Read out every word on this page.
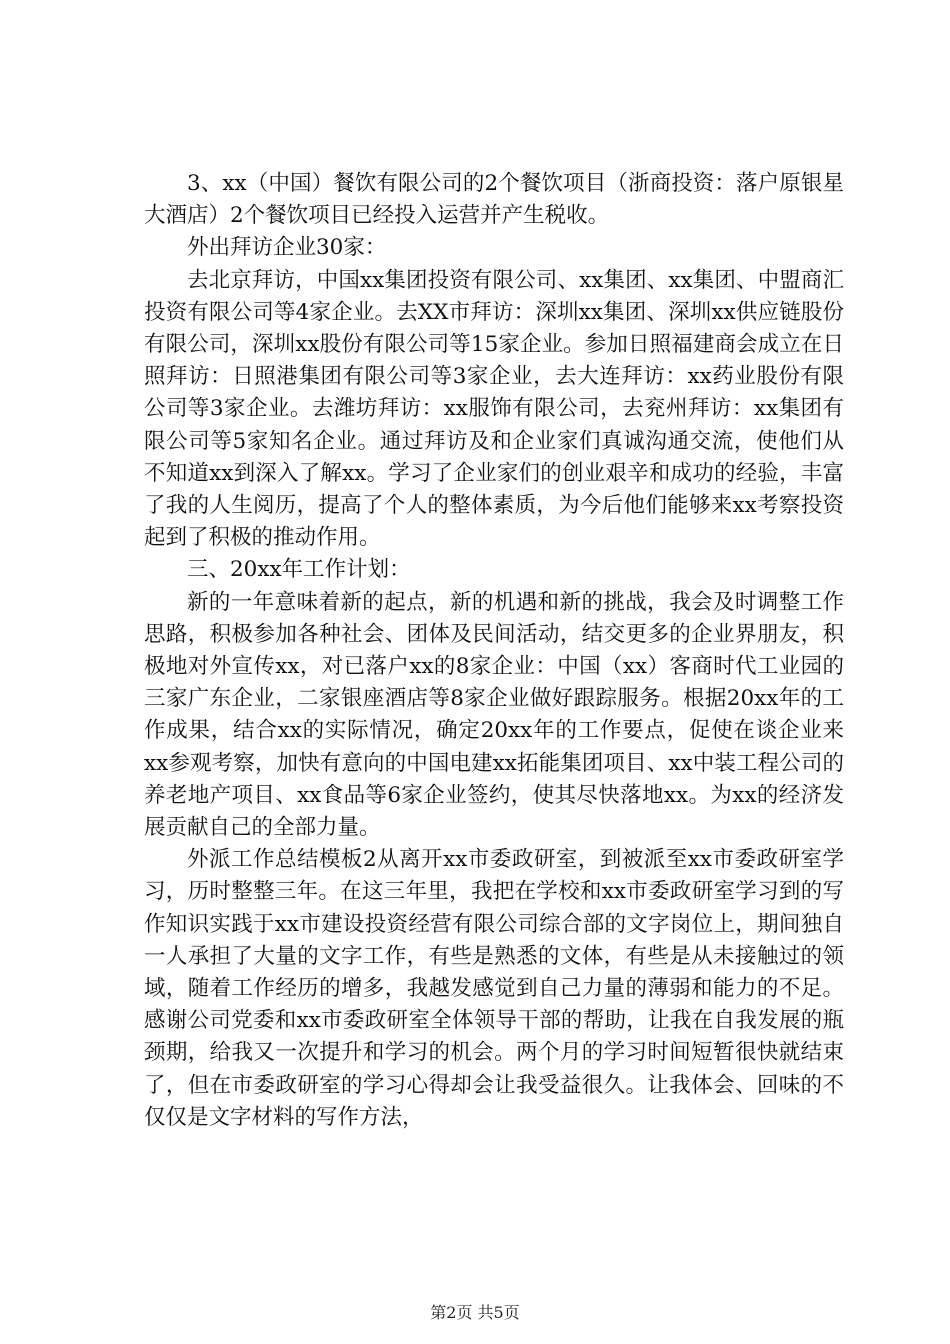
3、xx（中国）餐饮有限公司的2个餐饮项目（浙商投资：落户原银星大酒店）2个餐饮项目已经投入运营并产生税收。

外出拜访企业30家：

去北京拜访，中国xx集团投资有限公司、xx集团、xx集团、中盟商汇投资有限公司等4家企业。去XX市拜访：深圳xx集团、深圳xx供应链股份有限公司，深圳xx股份有限公司等15家企业。参加日照福建商会成立在日照拜访：日照港集团有限公司等3家企业，去大连拜访：xx药业股份有限公司等3家企业。去潍坊拜访：xx服饰有限公司，去兖州拜访：xx集团有限公司等5家知名企业。通过拜访及和企业家们真诚沟通交流，使他们从不知道xx到深入了解xx。学习了企业家们的创业艰辛和成功的经验，丰富了我的人生阅历，提高了个人的整体素质，为今后他们能够来xx考察投资起到了积极的推动作用。

三、20xx年工作计划：

新的一年意味着新的起点，新的机遇和新的挑战，我会及时调整工作思路，积极参加各种社会、团体及民间活动，结交更多的企业界朋友，积极地对外宣传xx，对已落户xx的8家企业：中国（xx）客商时代工业园的三家广东企业，二家银座酒店等8家企业做好跟踪服务。根据20xx年的工作成果，结合xx的实际情况，确定20xx年的工作要点，促使在谈企业来xx参观考察，加快有意向的中国电建xx拓能集团项目、xx中装工程公司的养老地产项目、xx食品等6家企业签约，使其尽快落地xx。为xx的经济发展贡献自己的全部力量。

外派工作总结模板2从离开xx市委政研室，到被派至xx市委政研室学习，历时整整三年。在这三年里，我把在学校和xx市委政研室学习到的写作知识实践于xx市建设投资经营有限公司综合部的文字岗位上，期间独自一人承担了大量的文字工作，有些是熟悉的文体，有些是从未接触过的领域，随着工作经历的增多，我越发感觉到自己力量的薄弱和能力的不足。感谢公司党委和xx市委政研室全体领导干部的帮助，让我在自我发展的瓶颈期，给我又一次提升和学习的机会。两个月的学习时间短暂很快就结束了，但在市委政研室的学习心得却会让我受益很久。让我体会、回味的不仅仅是文字材料的写作方法，

第2页 共5页
